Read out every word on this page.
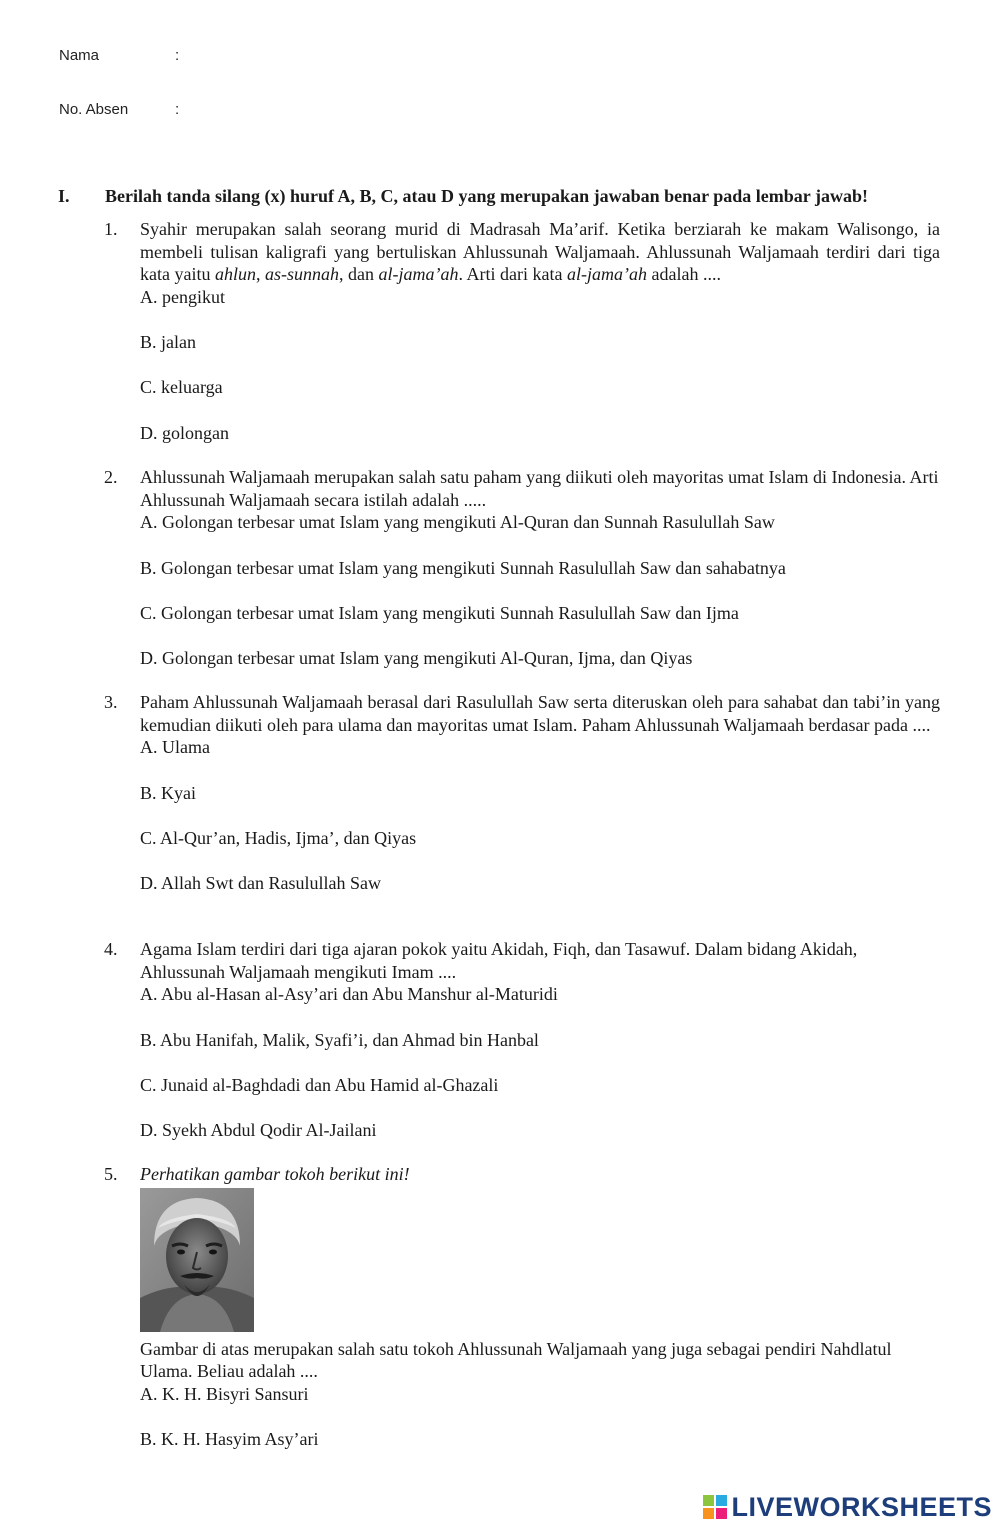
Nama	:
No. Absen	:
I. Berilah tanda silang (x) huruf A, B, C, atau D yang merupakan jawaban benar pada lembar jawab!
1. Syahir merupakan salah seorang murid di Madrasah Ma’arif. Ketika berziarah ke makam Walisongo, ia membeli tulisan kaligrafi yang bertuliskan Ahlussunah Waljamaah. Ahlussunah Waljamaah terdiri dari tiga kata yaitu ahlun, as-sunnah, dan al-jama’ah. Arti dari kata al-jama’ah adalah ....
A. pengikut
B. jalan
C. keluarga
D. golongan
2. Ahlussunah Waljamaah merupakan salah satu paham yang diikuti oleh mayoritas umat Islam di Indonesia. Arti Ahlussunah Waljamaah secara istilah adalah .....
A. Golongan terbesar umat Islam yang mengikuti Al-Quran dan Sunnah Rasulullah Saw
B. Golongan terbesar umat Islam yang mengikuti Sunnah Rasulullah Saw dan sahabatnya
C. Golongan terbesar umat Islam yang mengikuti Sunnah Rasulullah Saw dan Ijma
D. Golongan terbesar umat Islam yang mengikuti Al-Quran, Ijma, dan Qiyas
3. Paham Ahlussunah Waljamaah berasal dari Rasulullah Saw serta diteruskan oleh para sahabat dan tabi’in yang kemudian diikuti oleh para ulama dan mayoritas umat Islam. Paham Ahlussunah Waljamaah berdasar pada ....
A. Ulama
B. Kyai
C. Al-Qur’an, Hadis, Ijma’, dan Qiyas
D. Allah Swt dan Rasulullah Saw
4. Agama Islam terdiri dari tiga ajaran pokok yaitu Akidah, Fiqh, dan Tasawuf. Dalam bidang Akidah, Ahlussunah Waljamaah mengikuti Imam ....
A. Abu al-Hasan al-Asy’ari dan Abu Manshur al-Maturidi
B. Abu Hanifah, Malik, Syafi’i, dan Ahmad bin Hanbal
C. Junaid al-Baghdadi dan Abu Hamid al-Ghazali
D. Syekh Abdul Qodir Al-Jailani
5. Perhatikan gambar tokoh berikut ini!
Gambar di atas merupakan salah satu tokoh Ahlussunah Waljamaah yang juga sebagai pendiri Nahdlatul Ulama. Beliau adalah ....
A. K. H. Bisyri Sansuri
B. K. H. Hasyim Asy’ari
LIVEWORKSHEETS
